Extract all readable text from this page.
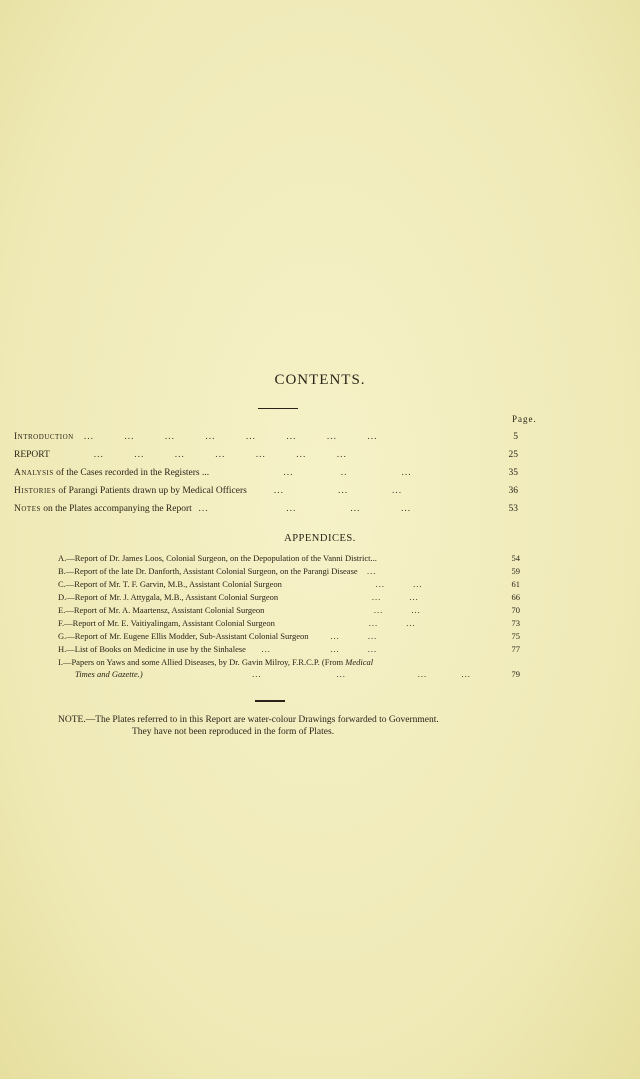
CONTENTS.
Page.
Introduction ...         ...         ...         ...         ...         ...         ...         ...	5
REPORT ...         ...         ...         ...         ...         ...         ...	25
Analysis of the Cases recorded in the Registers ... ...              ..                ...	35
Histories of Parangi Patients drawn up by Medical Officers ...                ...             ...	36
Notes on the Plates accompanying the Report ...                       ...                ...            ...	53
APPENDICES.
A.—Report of Dr. James Loos, Colonial Surgeon, on the Depopulation of the Vanni District...	54
B.—Report of the late Dr. Danforth, Assistant Colonial Surgeon, on the Parangi Disease ...	59
C.—Report of Mr. T. F. Garvin, M.B., Assistant Colonial Surgeon ...         ...	61
D.—Report of Mr. J. Attygala, M.B., Assistant Colonial Surgeon ...         ...	66
E.—Report of Mr. A. Maartensz, Assistant Colonial Surgeon ...         ...	70
F.—Report of Mr. E. Vaitiyalingam, Assistant Colonial Surgeon ...         ...	73
G.—Report of Mr. Eugene Ellis Modder, Sub-Assistant Colonial Surgeon ...         ...	75
H.—List of Books on Medicine in use by the Sinhalese ...                   ...         ...	77
I.—Papers on Yaws and some Allied Diseases, by Dr. Gavin Milroy, F.R.C.P. (From Medical
Times and Gazette.) ...                        ...                       ...           ...	79
NOTE.—The Plates referred to in this Report are water-colour Drawings forwarded to Government.
They have not been reproduced in the form of Plates.
